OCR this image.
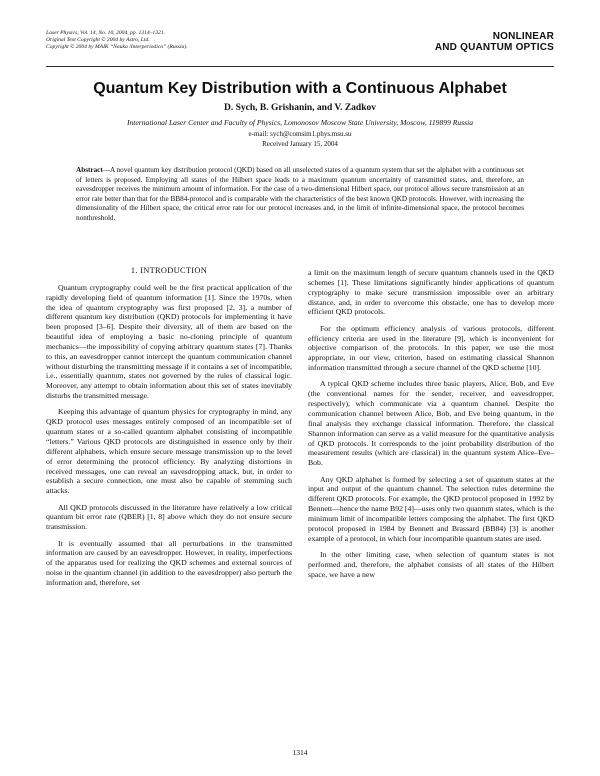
Laser Physics, Vol. 14, No. 10, 2004, pp. 1314–1321.
Original Text Copyright © 2004 by Astro, Ltd.
Copyright © 2004 by MAIK “Nauka /Interperiodica” (Russia).
NONLINEAR
AND QUANTUM OPTICS
Quantum Key Distribution with a Continuous Alphabet
D. Sych, B. Grishanin, and V. Zadkov
International Laser Center and Faculty of Physics, Lomonosov Moscow State University, Moscow, 119899 Russia
e-mail: sych@comsim1.phys.msu.su
Received January 15, 2004
Abstract—A novel quantum key distribution protocol (QKD) based on all unselected states of a quantum system that set the alphabet with a continuous set of letters is proposed. Employing all states of the Hilbert space leads to a maximum quantum uncertainty of transmitted states, and, therefore, an eavesdropper receives the minimum amount of information. For the case of a two-dimensional Hilbert space, our protocol allows secure transmission at an error rate better than that for the BB84-protocol and is comparable with the characteristics of the best known QKD protocols. However, with increasing the dimensionality of the Hilbert space, the critical error rate for our protocol increases and, in the limit of infinite-dimensional space, the protocol becomes nonthreshold.
1. INTRODUCTION

Quantum cryptography could well be the first practical application of the rapidly developing field of quantum information [1]. Since the 1970s, when the idea of quantum cryptography was first proposed [2, 3], a number of different quantum key distribution (QKD) protocols for implementing it have been proposed [3–6]. Despite their diversity, all of them are based on the beautiful idea of employing a basic no-cloning principle of quantum mechanics—the impossibility of copying arbitrary quantum states [7]. Thanks to this, an eavesdropper cannot intercept the quantum communication channel without disturbing the transmitting message if it contains a set of incompatible, i.e., essentially quantum, states not governed by the rules of classical logic. Moreover, any attempt to obtain information about this set of states inevitably disturbs the transmitted message.

Keeping this advantage of quantum physics for cryptography in mind, any QKD protocol uses messages entirely composed of an incompatible set of quantum states or a so-called quantum alphabet consisting of incompatible “letters.” Various QKD protocols are distinguished in essence only by their different alphabets, which ensure secure message transmission up to the level of error determining the protocol efficiency. By analyzing distortions in received messages, one can reveal an eavesdropping attack, but, in order to establish a secure connection, one must also be capable of stemming such attacks.

All QKD protocols discussed in the literature have relatively a low critical quantum bit error rate (QBER) [1, 8] above which they do not ensure secure transmission.

It is eventually assumed that all perturbations in the transmitted information are caused by an eavesdropper. However, in reality, imperfections of the apparatus used for realizing the QKD schemes and external sources of noise in the quantum channel (in addition to the eavesdropper) also perturb the information and, therefore, set

a limit on the maximum length of secure quantum channels used in the QKD schemes [1]. These limitations significantly hinder applications of quantum cryptography to make secure transmission impossible over an arbitrary distance, and, in order to overcome this obstacle, one has to develop more efficient QKD protocols.

For the optimum efficiency analysis of various protocols, different efficiency criteria are used in the literature [9], which is inconvenient for objective comparison of the protocols. In this paper, we use the most appropriate, in our view, criterion, based on estimating classical Shannon information transmitted through a secure channel of the QKD scheme [10].

A typical QKD scheme includes three basic players, Alice, Bob, and Eve (the conventional names for the sender, receiver, and eavesdropper, respectively), which communicate via a quantum channel. Despite the communication channel between Alice, Bob, and Eve being quantum, in the final analysis they exchange classical information. Therefore, the classical Shannon information can serve as a valid measure for the quantitative analysis of QKD protocols. It corresponds to the joint probability distribution of the measurement results (which are classical) in the quantum system Alice–Eve–Bob.

Any QKD alphabet is formed by selecting a set of quantum states at the input and output of the quantum channel. The selection rules determine the different QKD protocols. For example, the QKD protocol proposed in 1992 by Bennett—hence the name B92 [4]—uses only two quantum states, which is the minimum limit of incompatible letters composing the alphabet. The first QKD protocol proposed in 1984 by Bennett and Brassard (BB84) [3] is another example of a protocol, in which four incompatible quantum states are used.

In the other limiting case, when selection of quantum states is not performed and, therefore, the alphabet consists of all states of the Hilbert space, we have a new

1314
